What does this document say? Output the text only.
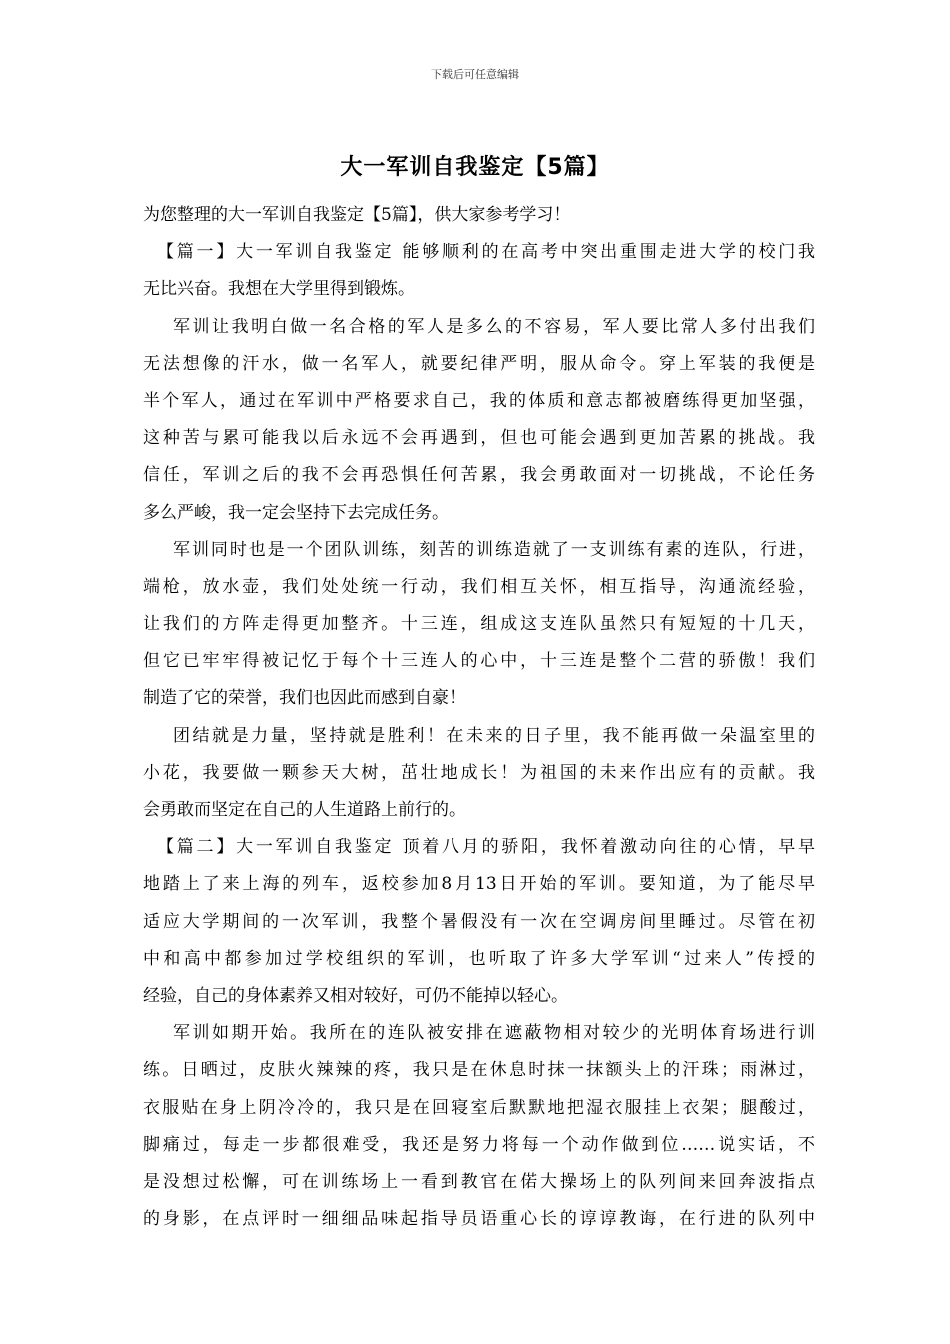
下载后可任意编辑
大一军训自我鉴定【5篇】
为您整理的大一军训自我鉴定【5篇】，供大家参考学习！
【篇一】大一军训自我鉴定 能够顺利的在高考中突出重围走进大学的校门我
无比兴奋。我想在大学里得到锻炼。
军训让我明白做一名合格的军人是多么的不容易，军人要比常人多付出我们
无法想像的汗水，做一名军人，就要纪律严明，服从命令。穿上军装的我便是
半个军人，通过在军训中严格要求自己，我的体质和意志都被磨练得更加坚强，
这种苦与累可能我以后永远不会再遇到，但也可能会遇到更加苦累的挑战。我
信任，军训之后的我不会再恐惧任何苦累，我会勇敢面对一切挑战，不论任务
多么严峻，我一定会坚持下去完成任务。
军训同时也是一个团队训练，刻苦的训练造就了一支训练有素的连队，行进，
端枪，放水壶，我们处处统一行动，我们相互关怀，相互指导，沟通流经验，
让我们的方阵走得更加整齐。十三连，组成这支连队虽然只有短短的十几天，
但它已牢牢得被记忆于每个十三连人的心中，十三连是整个二营的骄傲！我们
制造了它的荣誉，我们也因此而感到自豪！
团结就是力量，坚持就是胜利！在未来的日子里，我不能再做一朵温室里的
小花，我要做一颗参天大树，茁壮地成长！为祖国的未来作出应有的贡献。我
会勇敢而坚定在自己的人生道路上前行的。
【篇二】大一军训自我鉴定 顶着八月的骄阳，我怀着激动向往的心情，早早
地踏上了来上海的列车，返校参加8月13日开始的军训。要知道，为了能尽早
适应大学期间的一次军训，我整个暑假没有一次在空调房间里睡过。尽管在初
中和高中都参加过学校组织的军训，也听取了许多大学军训“过来人”传授的
经验，自己的身体素养又相对较好，可仍不能掉以轻心。
军训如期开始。我所在的连队被安排在遮蔽物相对较少的光明体育场进行训
练。日晒过，皮肤火辣辣的疼，我只是在休息时抹一抹额头上的汗珠；雨淋过，
衣服贴在身上阴冷冷的，我只是在回寝室后默默地把湿衣服挂上衣架；腿酸过，
脚痛过，每走一步都很难受，我还是努力将每一个动作做到位……说实话，不
是没想过松懈，可在训练场上一看到教官在偌大操场上的队列间来回奔波指点
的身影，在点评时一细细品味起指导员语重心长的谆谆教诲，在行进的队列中
